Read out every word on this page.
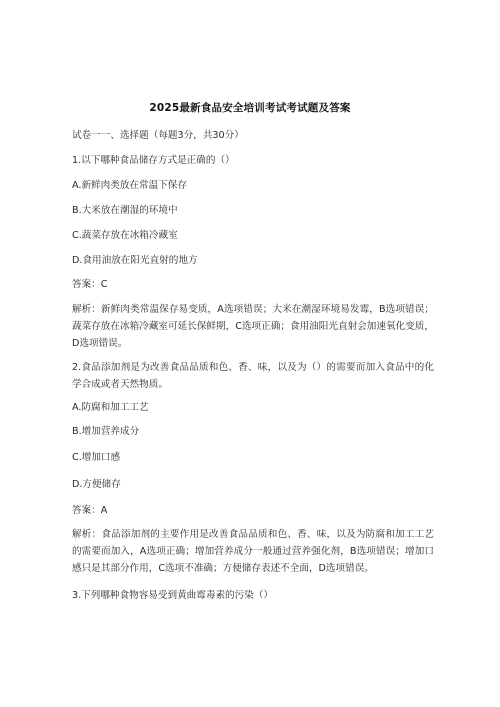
2025最新食品安全培训考试考试题及答案
试卷一一、选择题（每题3分，共30分）
1.以下哪种食品储存方式是正确的（）
A.新鲜肉类放在常温下保存
B.大米放在潮湿的环境中
C.蔬菜存放在冰箱冷藏室
D.食用油放在阳光直射的地方
答案：C
解析：新鲜肉类常温保存易变质，A选项错误；大米在潮湿环境易发霉，B选项错误；蔬菜存放在冰箱冷藏室可延长保鲜期，C选项正确；食用油阳光直射会加速氧化变质，D选项错误。
2.食品添加剂是为改善食品品质和色、香、味，以及为（）的需要而加入食品中的化学合成或者天然物质。
A.防腐和加工工艺
B.增加营养成分
C.增加口感
D.方便储存
答案：A
解析：食品添加剂的主要作用是改善食品品质和色、香、味，以及为防腐和加工工艺的需要而加入，A选项正确；增加营养成分一般通过营养强化剂，B选项错误；增加口感只是其部分作用，C选项不准确；方便储存表述不全面，D选项错误。
3.下列哪种食物容易受到黄曲霉毒素的污染（）
